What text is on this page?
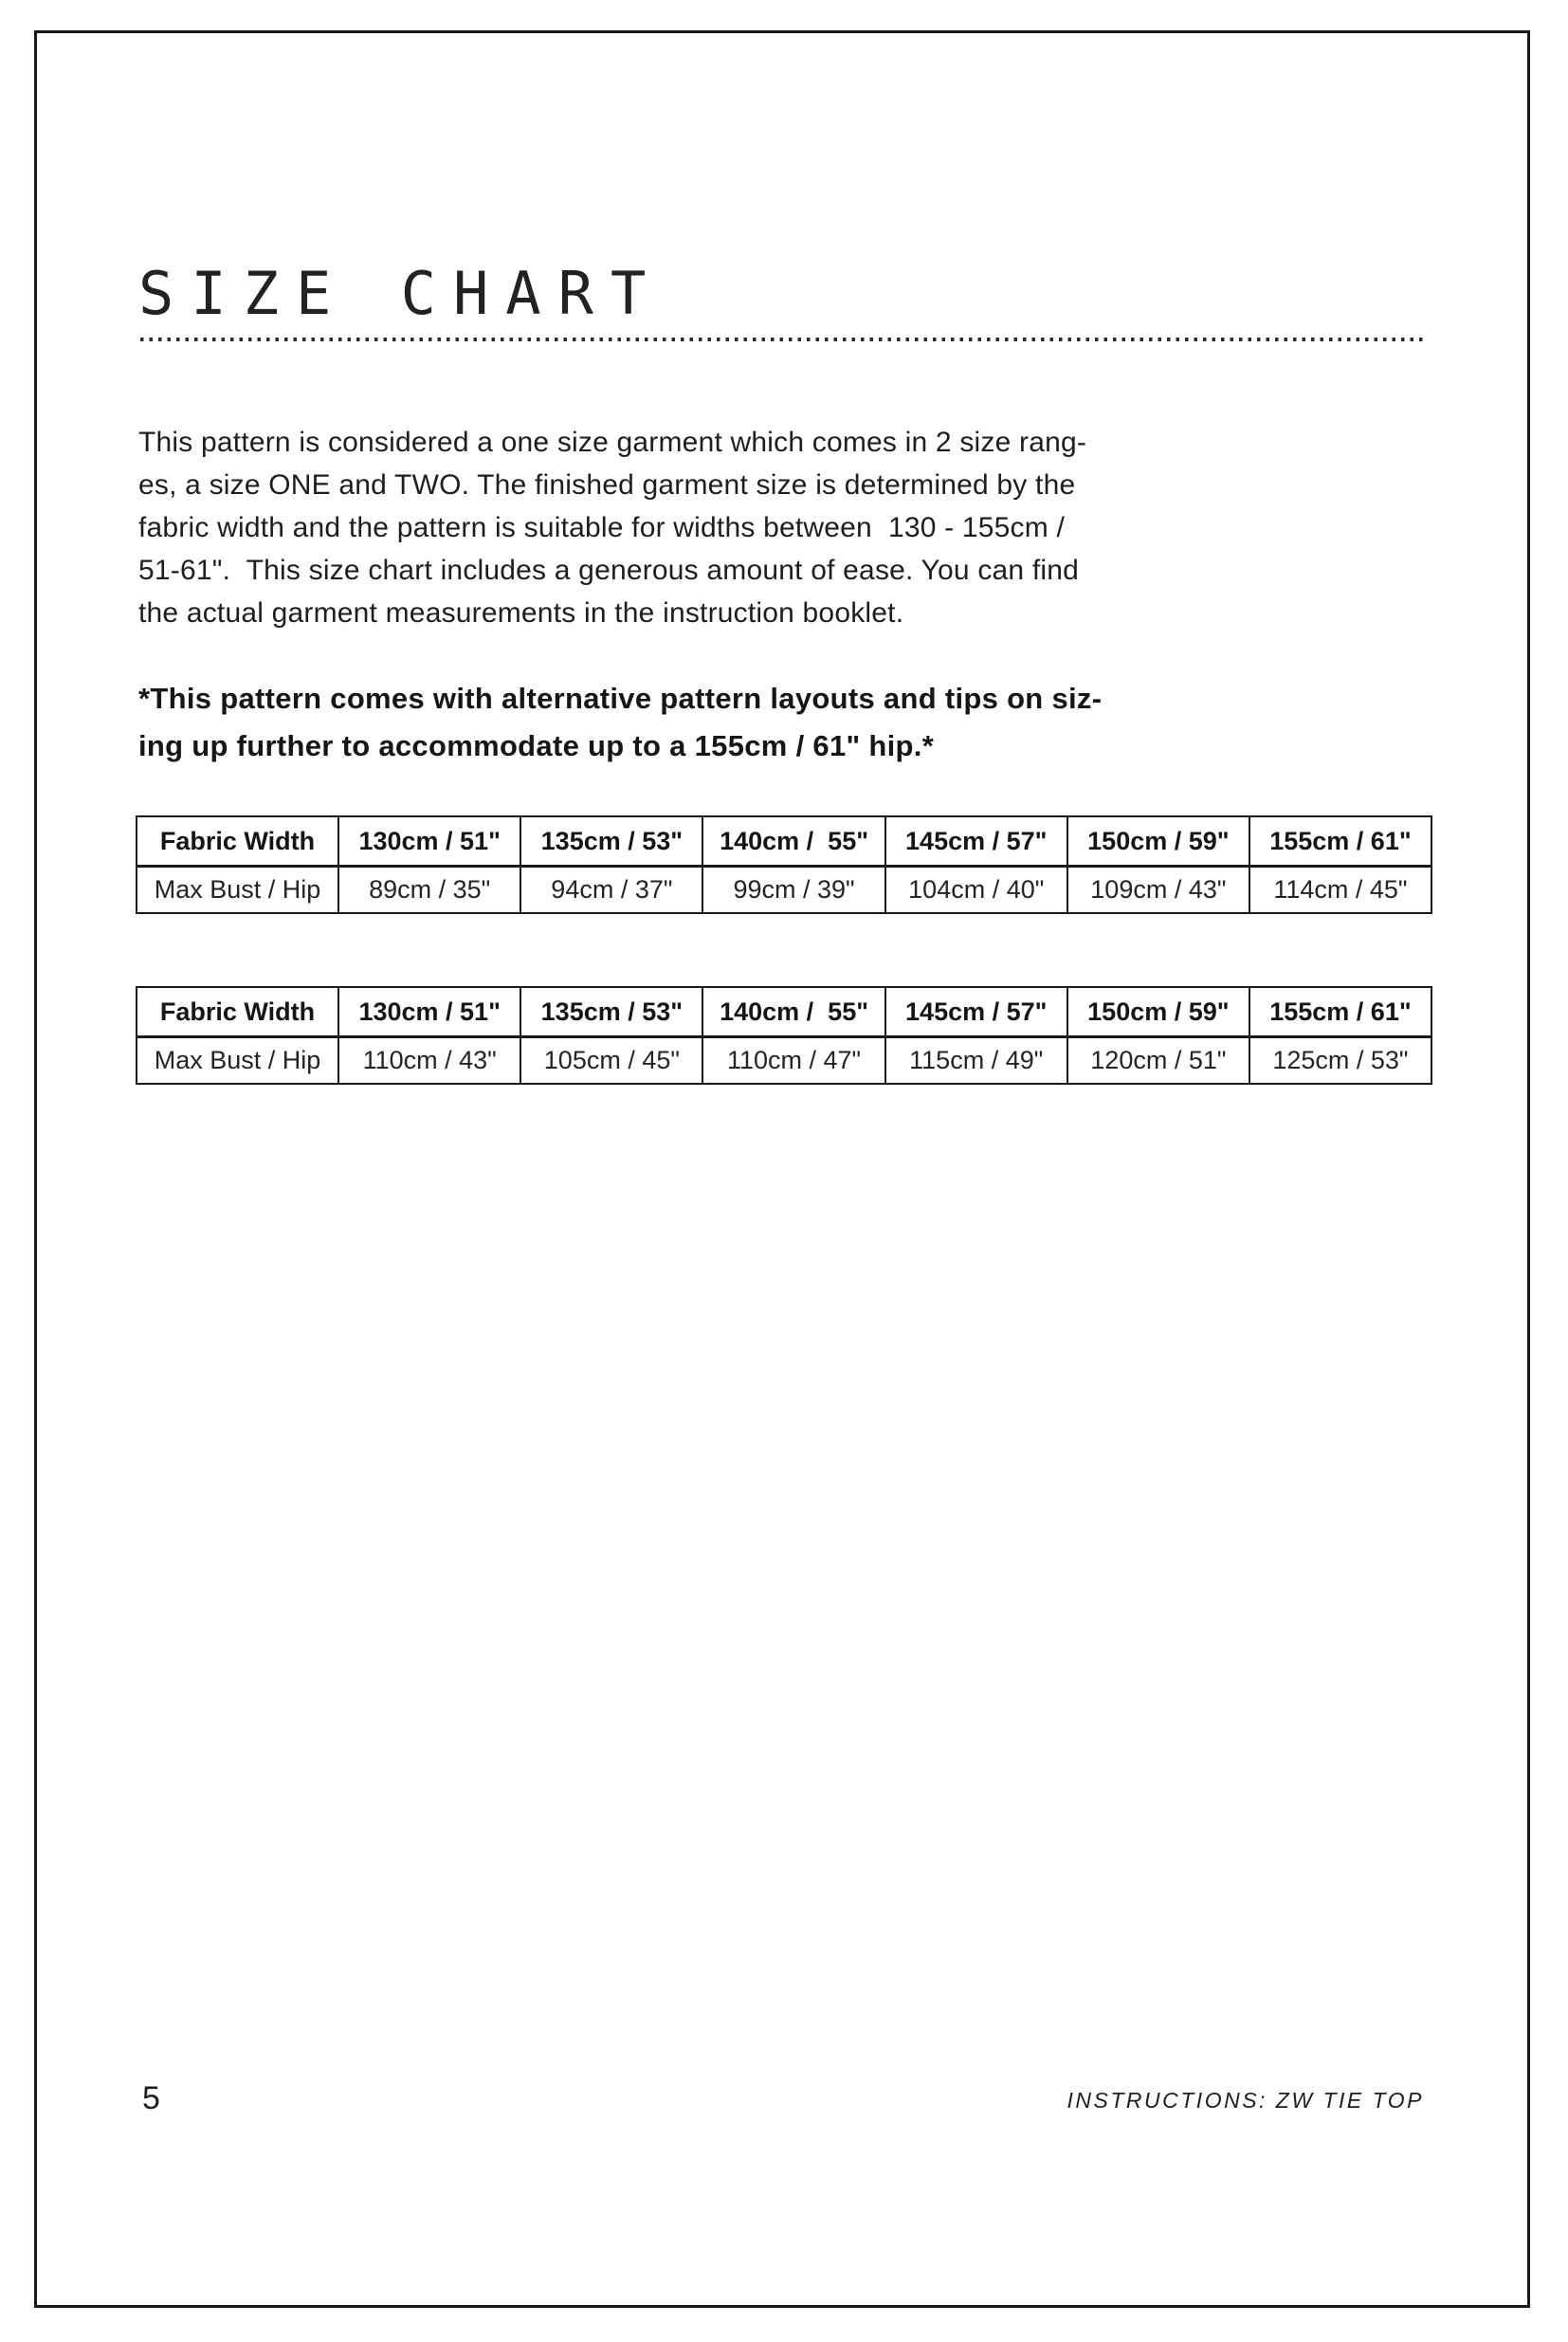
SIZE CHART
This pattern is considered a one size garment which comes in 2 size rang-
es, a size ONE and TWO. The finished garment size is determined by the
fabric width and the pattern is suitable for widths between  130 - 155cm /
51-61".  This size chart includes a generous amount of ease. You can find
the actual garment measurements in the instruction booklet.
*This pattern comes with alternative pattern layouts and tips on siz-
ing up further to accommodate up to a 155cm / 61" hip.*
Fabric Width	130cm / 51"	135cm / 53"	140cm /  55"	145cm / 57"	150cm / 59"	155cm / 61"
Max Bust / Hip	89cm / 35"	94cm / 37"	99cm / 39"	104cm / 40"	109cm / 43"	114cm / 45"
Fabric Width	130cm / 51"	135cm / 53"	140cm /  55"	145cm / 57"	150cm / 59"	155cm / 61"
Max Bust / Hip	110cm / 43"	105cm / 45"	110cm / 47"	115cm / 49"	120cm / 51"	125cm / 53"
5	INSTRUCTIONS: ZW TIE TOP
